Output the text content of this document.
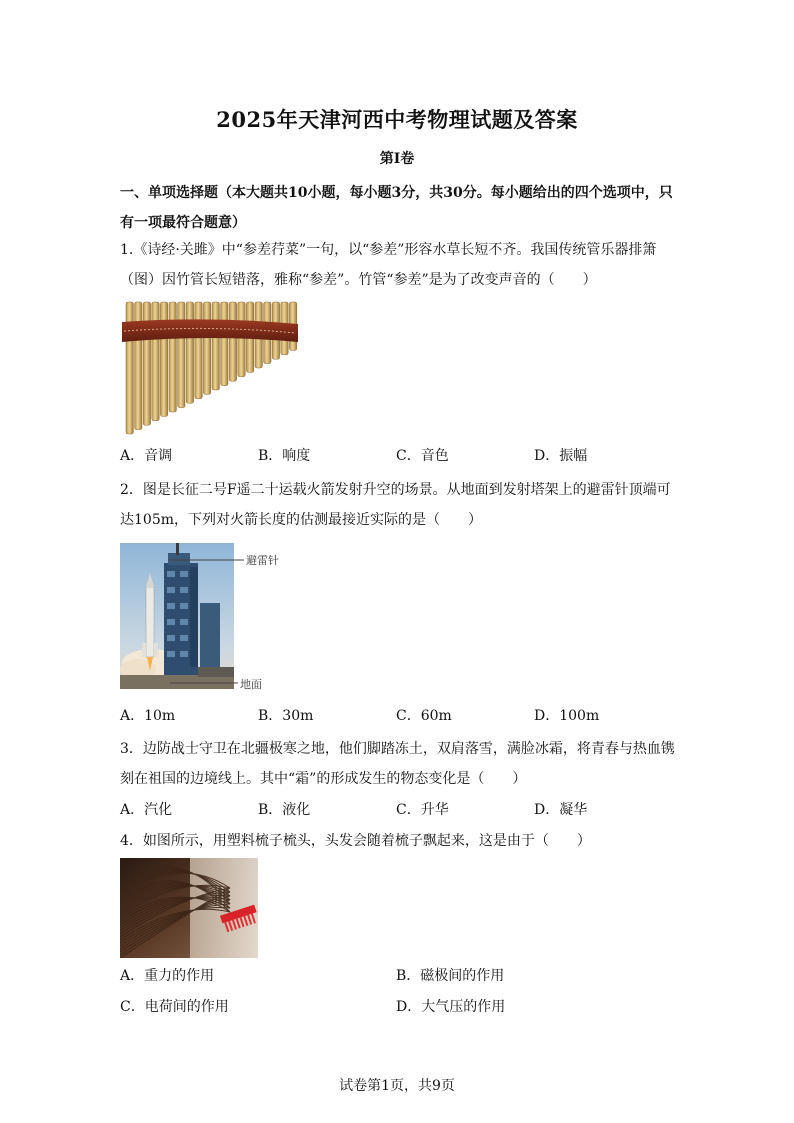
2025年天津河西中考物理试题及答案
第Ⅰ卷
一、单项选择题（本大题共10小题，每小题3分，共30分。每小题给出的四个选项中，只有一项最符合题意）
1.《诗经·关雎》中“参差荇菜”一句，以“参差”形容水草长短不齐。我国传统管乐器排箫（图）因竹管长短错落，雅称“参差”。竹管“参差”是为了改变声音的（　　）
A．音调	B．响度	C．音色	D．振幅
2．图是长征二号F遥二十运载火箭发射升空的场景。从地面到发射塔架上的避雷针顶端可达105m，下列对火箭长度的估测最接近实际的是（　　）
避雷针
地面
A．10m	B．30m	C．60m	D．100m
3．边防战士守卫在北疆极寒之地，他们脚踏冻土，双肩落雪，满脸冰霜，将青春与热血镌刻在祖国的边境线上。其中“霜”的形成发生的物态变化是（　　）
A．汽化	B．液化	C．升华	D．凝华
4．如图所示，用塑料梳子梳头，头发会随着梳子飘起来，这是由于（　　）
A．重力的作用	B．磁极间的作用
C．电荷间的作用	D．大气压的作用
试卷第1页，共9页
